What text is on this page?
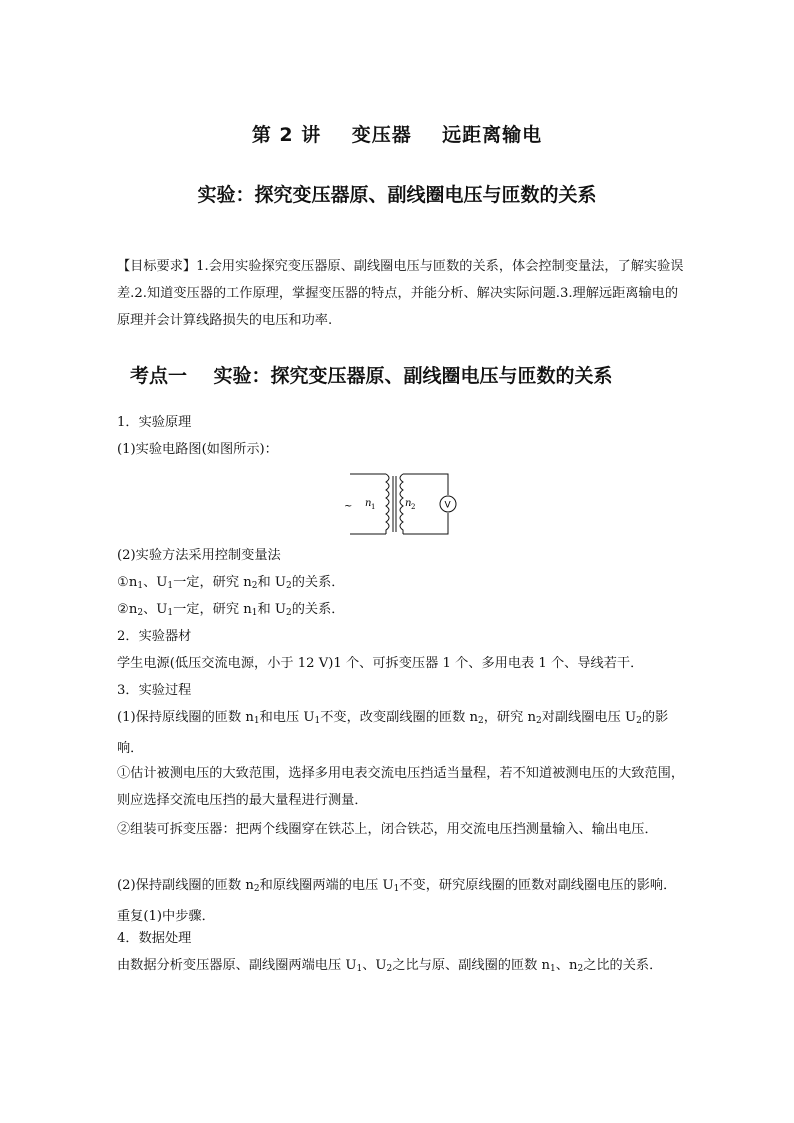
第 2 讲    变压器    远距离输电
实验：探究变压器原、副线圈电压与匝数的关系
【目标要求】1.会用实验探究变压器原、副线圈电压与匝数的关系，体会控制变量法，了解实验误差.2.知道变压器的工作原理，掌握变压器的特点，并能分析、解决实际问题.3.理解远距离输电的原理并会计算线路损失的电压和功率.
考点一    实验：探究变压器原、副线圈电压与匝数的关系
1．实验原理
(1)实验电路图(如图所示)：
~ n 1	n 2	V
(2)实验方法采用控制变量法
$①n_1$、$U_1$一定，研究 $n_2$和 $U_2$的关系．
$②n_2$、$U_1$一定，研究 $n_1$和 $U_2$的关系．
2．实验器材
学生电源(低压交流电源，小于 12 V)1 个、可拆变压器 1 个、多用电表 1 个、导线若干．
3．实验过程
(1)保持原线圈的匝数 $n_1$和电压 $U_1$不变，改变副线圈的匝数 $n_2$，研究 $n_2$对副线圈电压 $U_2$的影响．
①估计被测电压的大致范围，选择多用电表交流电压挡适当量程，若不知道被测电压的大致范围，则应选择交流电压挡的最大量程进行测量．
②组装可拆变压器：把两个线圈穿在铁芯上，闭合铁芯，用交流电压挡测量输入、输出电压．
(2)保持副线圈的匝数 $n_2$和原线圈两端的电压 $U_1$不变，研究原线圈的匝数对副线圈电压的影响．重复(1)中步骤．
4．数据处理
由数据分析变压器原、副线圈两端电压 $U_1$、$U_2$之比与原、副线圈的匝数 $n_1$、$n_2$之比的关系．
